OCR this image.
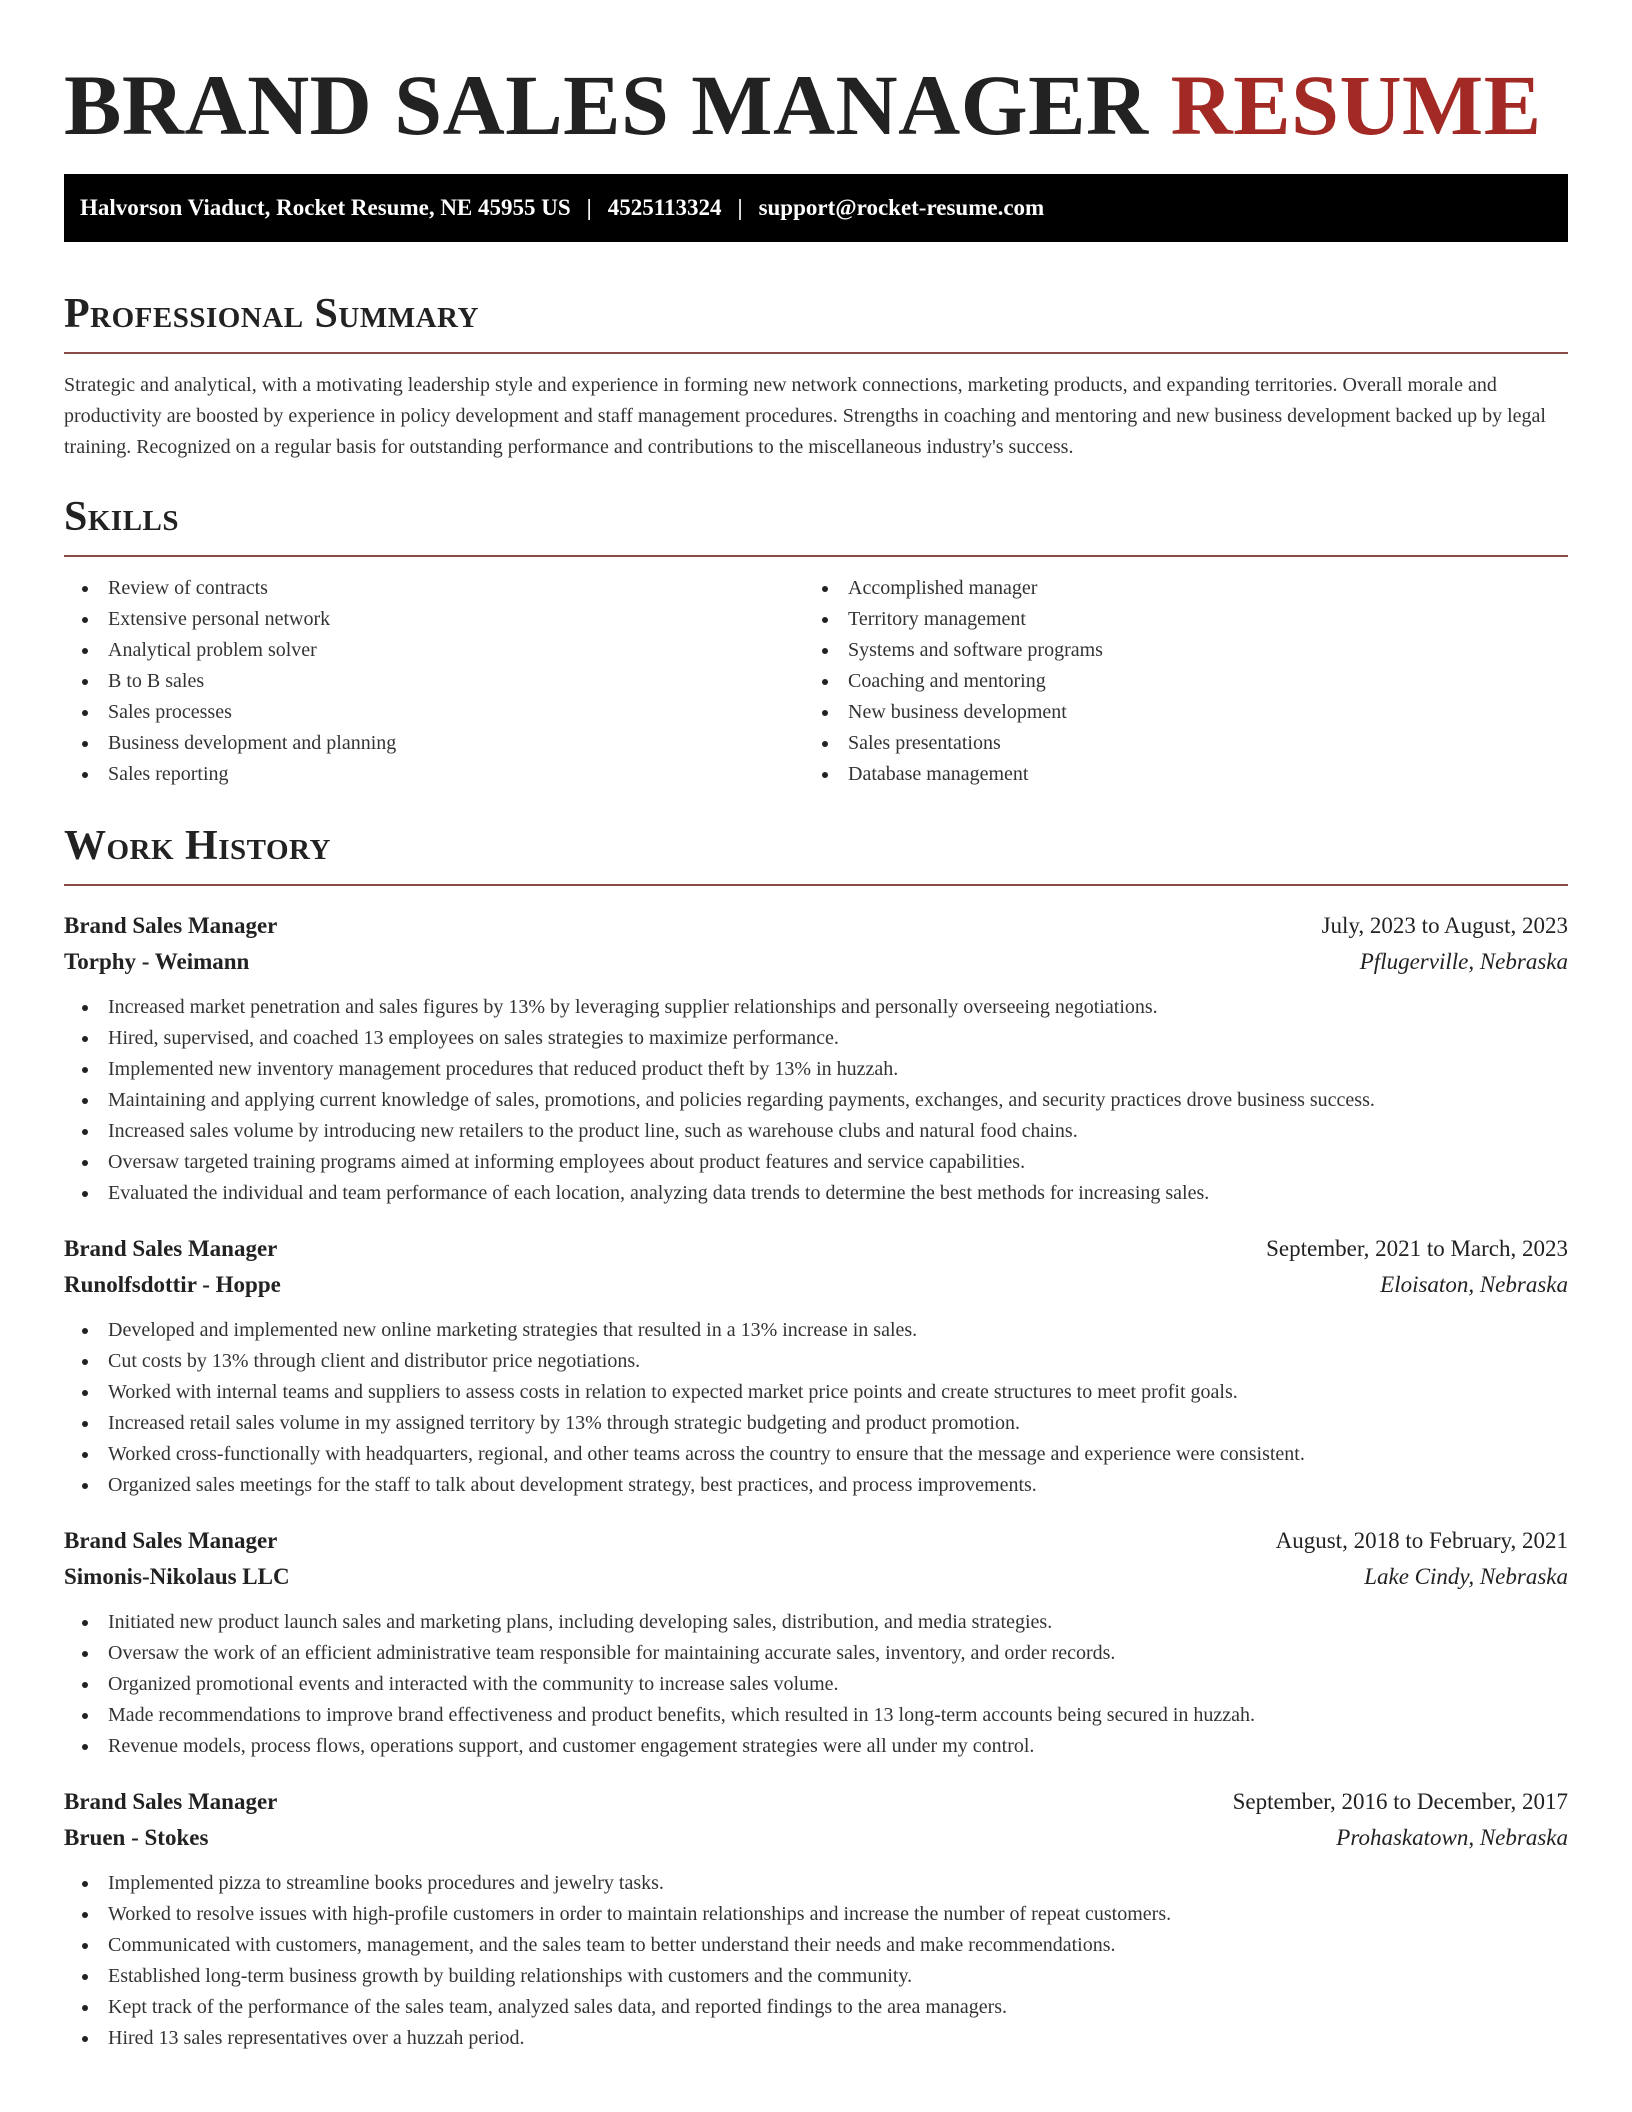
BRAND SALES MANAGER RESUME
Halvorson Viaduct, Rocket Resume, NE 45955 US | 4525113324 | support@rocket-resume.com
Professional Summary

Strategic and analytical, with a motivating leadership style and experience in forming new network connections, marketing products, and expanding territories. Overall morale and productivity are boosted by experience in policy development and staff management procedures. Strengths in coaching and mentoring and new business development backed up by legal training. Recognized on a regular basis for outstanding performance and contributions to the miscellaneous industry's success.

Skills
Review of contracts
Extensive personal network
Analytical problem solver
B to B sales
Sales processes
Business development and planning
Sales reporting
Accomplished manager
Territory management
Systems and software programs
Coaching and mentoring
New business development
Sales presentations
Database management
Work History
Brand Sales Manager	July, 2023 to August, 2023
Torphy - Weimann	Pflugerville, Nebraska
Increased market penetration and sales figures by 13% by leveraging supplier relationships and personally overseeing negotiations.
Hired, supervised, and coached 13 employees on sales strategies to maximize performance.
Implemented new inventory management procedures that reduced product theft by 13% in huzzah.
Maintaining and applying current knowledge of sales, promotions, and policies regarding payments, exchanges, and security practices drove business success.
Increased sales volume by introducing new retailers to the product line, such as warehouse clubs and natural food chains.
Oversaw targeted training programs aimed at informing employees about product features and service capabilities.
Evaluated the individual and team performance of each location, analyzing data trends to determine the best methods for increasing sales.
Brand Sales Manager	September, 2021 to March, 2023
Runolfsdottir - Hoppe	Eloisaton, Nebraska
Developed and implemented new online marketing strategies that resulted in a 13% increase in sales.
Cut costs by 13% through client and distributor price negotiations.
Worked with internal teams and suppliers to assess costs in relation to expected market price points and create structures to meet profit goals.
Increased retail sales volume in my assigned territory by 13% through strategic budgeting and product promotion.
Worked cross-functionally with headquarters, regional, and other teams across the country to ensure that the message and experience were consistent.
Organized sales meetings for the staff to talk about development strategy, best practices, and process improvements.
Brand Sales Manager	August, 2018 to February, 2021
Simonis-Nikolaus LLC	Lake Cindy, Nebraska
Initiated new product launch sales and marketing plans, including developing sales, distribution, and media strategies.
Oversaw the work of an efficient administrative team responsible for maintaining accurate sales, inventory, and order records.
Organized promotional events and interacted with the community to increase sales volume.
Made recommendations to improve brand effectiveness and product benefits, which resulted in 13 long-term accounts being secured in huzzah.
Revenue models, process flows, operations support, and customer engagement strategies were all under my control.
Brand Sales Manager	September, 2016 to December, 2017
Bruen - Stokes	Prohaskatown, Nebraska
Implemented pizza to streamline books procedures and jewelry tasks.
Worked to resolve issues with high-profile customers in order to maintain relationships and increase the number of repeat customers.
Communicated with customers, management, and the sales team to better understand their needs and make recommendations.
Established long-term business growth by building relationships with customers and the community.
Kept track of the performance of the sales team, analyzed sales data, and reported findings to the area managers.
Hired 13 sales representatives over a huzzah period.
